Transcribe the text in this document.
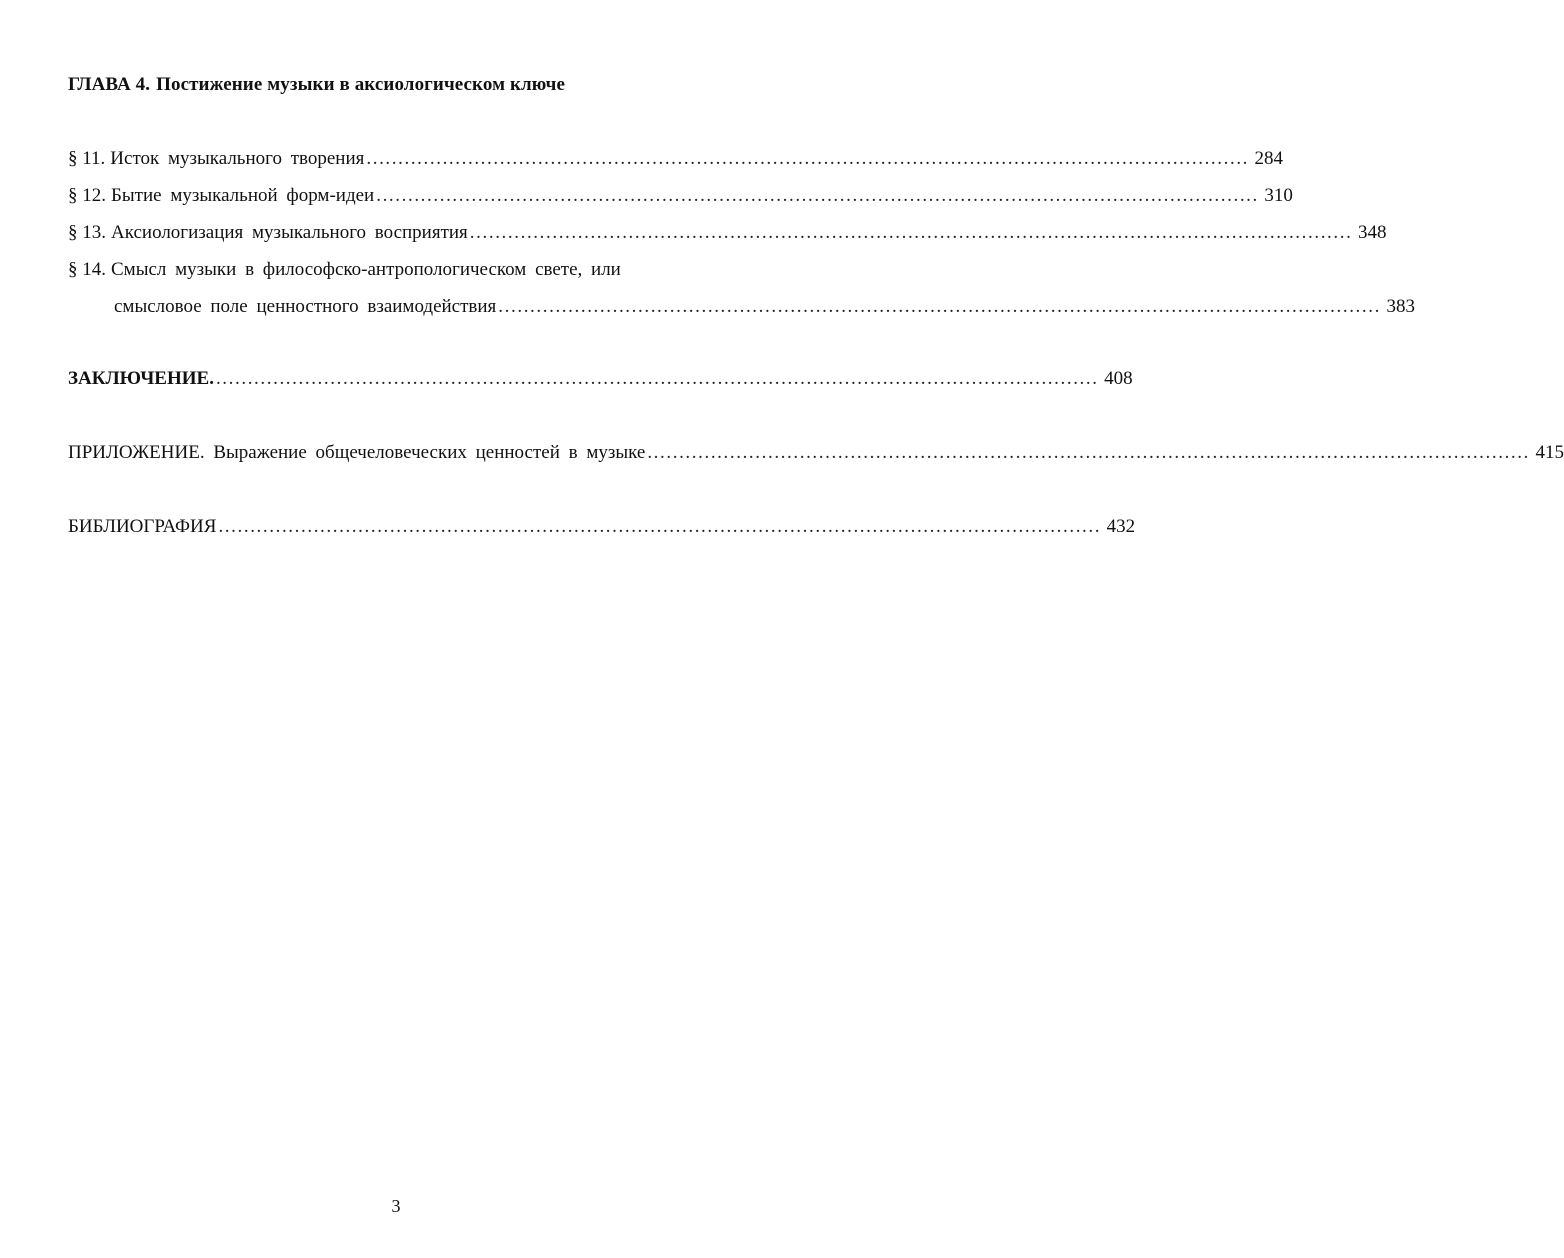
ГЛАВА 4. Постижение музыки в аксиологическом ключе
§ 11. Исток музыкального творения ........................................................................................................................................... 284
§ 12. Бытие музыкальной форм-идеи ........................................................................................................................................... 310
§ 13. Аксиологизация музыкального восприятия ........................................................................................................................................... 348
§ 14. Смысл музыки в философско-антропологическом свете, или
смысловое поле ценностного взаимодействия ........................................................................................................................................... 383
ЗАКЛЮЧЕНИЕ. ........................................................................................................................................... 408
ПРИЛОЖЕНИЕ. Выражение общечеловеческих ценностей в музыке ........................................................................................................................................... 415
БИБЛИОГРАФИЯ ........................................................................................................................................... 432
3
